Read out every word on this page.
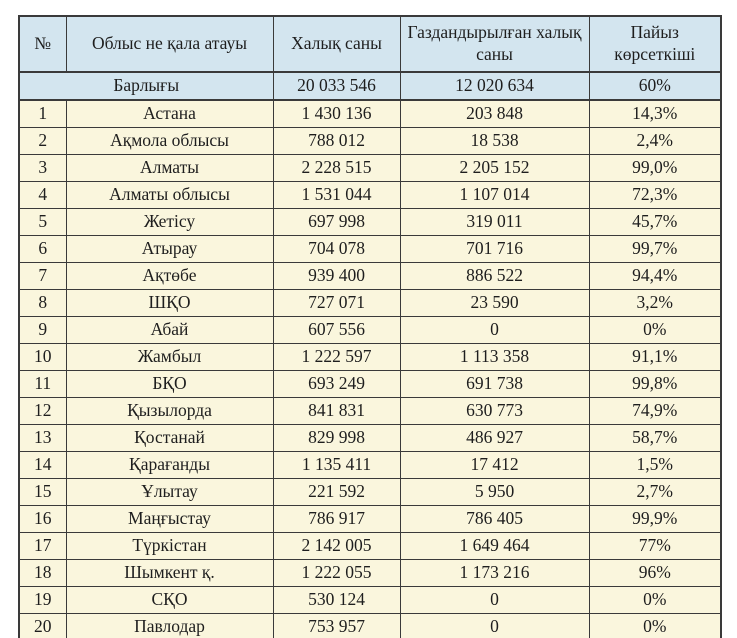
№	Облыс не қала атауы	Халық саны	Газдандырылған халық саны	Пайыз көрсеткіші
Барлығы		20 033 546	12 020 634	60%
1	Астана	1 430 136	203 848	14,3%
2	Ақмола облысы	788 012	18 538	2,4%
3	Алматы	2 228 515	2 205 152	99,0%
4	Алматы облысы	1 531 044	1 107 014	72,3%
5	Жетісу	697 998	319 011	45,7%
6	Атырау	704 078	701 716	99,7%
7	Ақтөбе	939 400	886 522	94,4%
8	ШҚО	727 071	23 590	3,2%
9	Абай	607 556	0	0%
10	Жамбыл	1 222 597	1 113 358	91,1%
11	БҚО	693 249	691 738	99,8%
12	Қызылорда	841 831	630 773	74,9%
13	Қостанай	829 998	486 927	58,7%
14	Қарағанды	1 135 411	17 412	1,5%
15	Ұлытау	221 592	5 950	2,7%
16	Маңғыстау	786 917	786 405	99,9%
17	Түркістан	2 142 005	1 649 464	77%
18	Шымкент қ.	1 222 055	1 173 216	96%
19	СҚО	530 124	0	0%
20	Павлодар	753 957	0	0%
